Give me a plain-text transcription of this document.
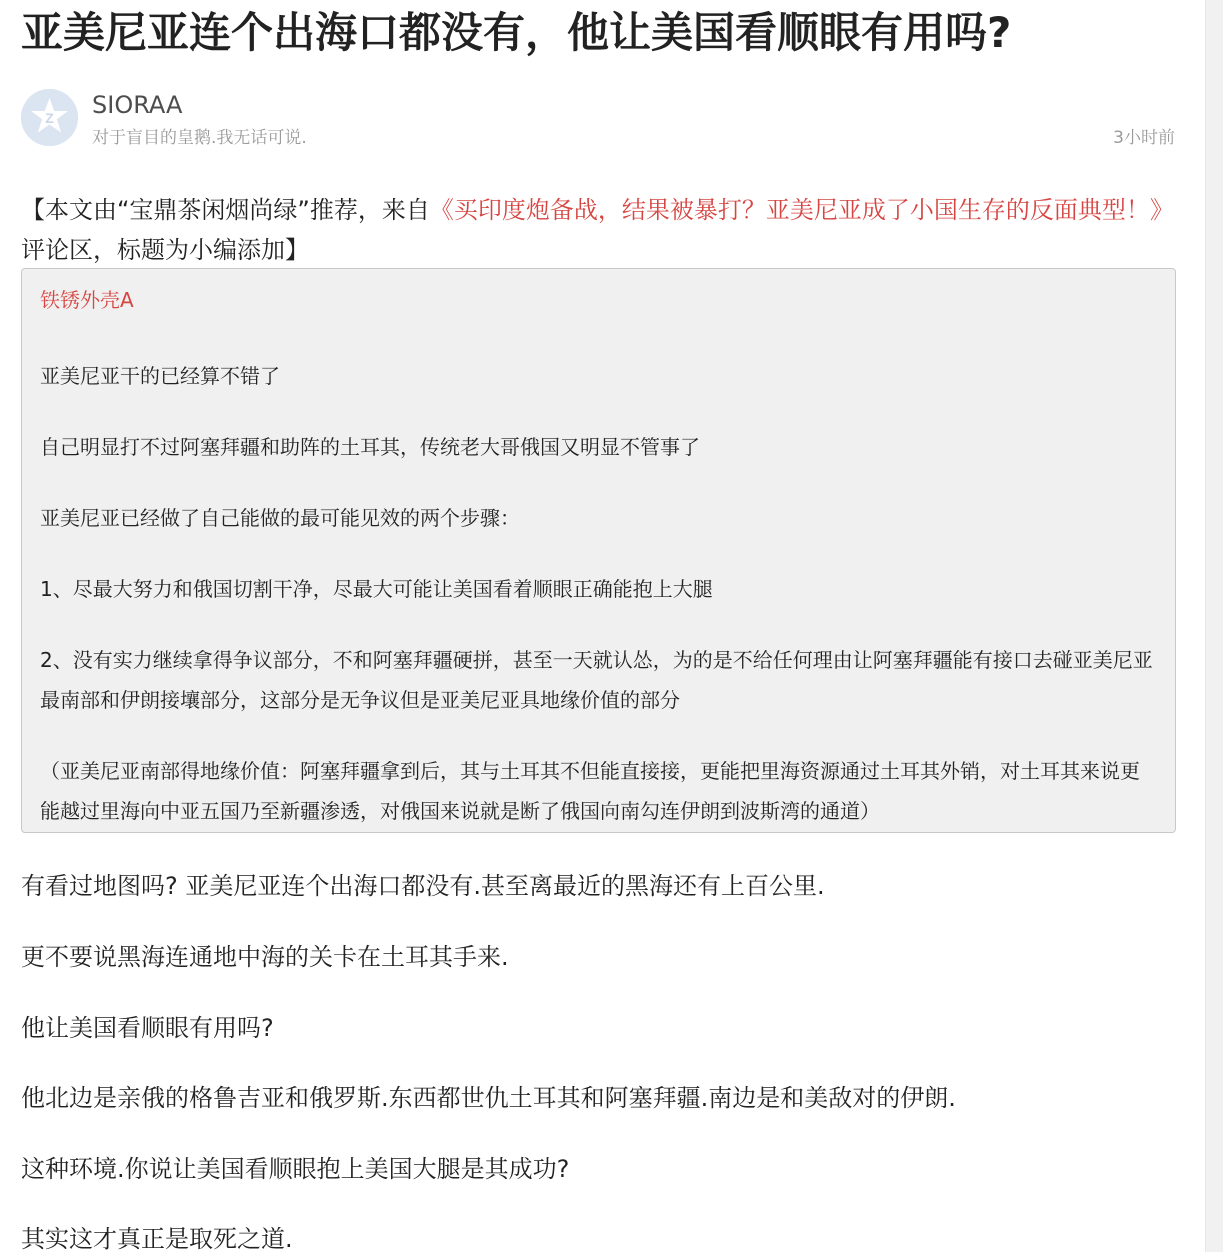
亚美尼亚连个出海口都没有，他让美国看顺眼有用吗?
Z SIORAA
对于盲目的皇鹅.我无话可说.	3小时前
【本文由“宝鼎茶闲烟尚绿”推荐，来自《买印度炮备战，结果被暴打？亚美尼亚成了小国生存的反面典型！》评论区，标题为小编添加】
铁锈外壳A

亚美尼亚干的已经算不错了

自己明显打不过阿塞拜疆和助阵的土耳其，传统老大哥俄国又明显不管事了

亚美尼亚已经做了自己能做的最可能见效的两个步骤：

1、尽最大努力和俄国切割干净，尽最大可能让美国看着顺眼正确能抱上大腿

2、没有实力继续拿得争议部分，不和阿塞拜疆硬拼，甚至一天就认怂，为的是不给任何理由让阿塞拜疆能有接口去碰亚美尼亚最南部和伊朗接壤部分，这部分是无争议但是亚美尼亚具地缘价值的部分

（亚美尼亚南部得地缘价值：阿塞拜疆拿到后，其与土耳其不但能直接接，更能把里海资源通过土耳其外销，对土耳其来说更能越过里海向中亚五国乃至新疆渗透，对俄国来说就是断了俄国向南勾连伊朗到波斯湾的通道）

有看过地图吗? 亚美尼亚连个出海口都没有.甚至离最近的黑海还有上百公里.

更不要说黑海连通地中海的关卡在土耳其手来.

他让美国看顺眼有用吗?

他北边是亲俄的格鲁吉亚和俄罗斯.东西都世仇土耳其和阿塞拜疆.南边是和美敌对的伊朗.

这种环境.你说让美国看顺眼抱上美国大腿是其成功?

其实这才真正是取死之道.
